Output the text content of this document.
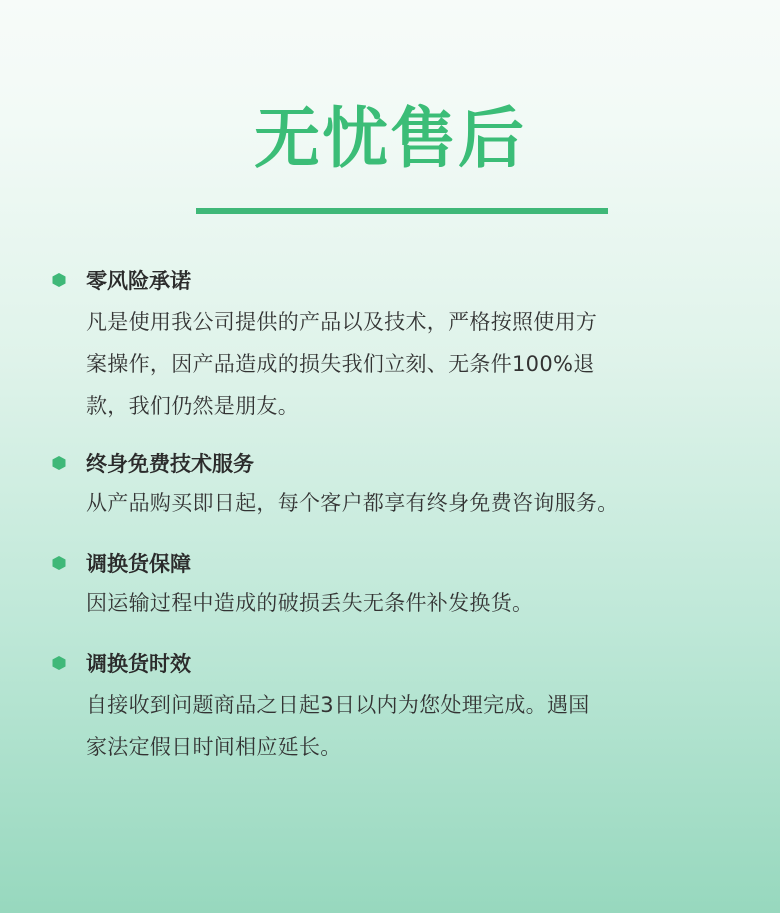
无忧售后
零风险承诺
凡是使用我公司提供的产品以及技术，严格按照使用方
案操作，因产品造成的损失我们立刻、无条件100%退
款，我们仍然是朋友。
终身免费技术服务
从产品购买即日起，每个客户都享有终身免费咨询服务。
调换货保障
因运输过程中造成的破损丢失无条件补发换货。
调换货时效
自接收到问题商品之日起3日以内为您处理完成。遇国
家法定假日时间相应延长。
